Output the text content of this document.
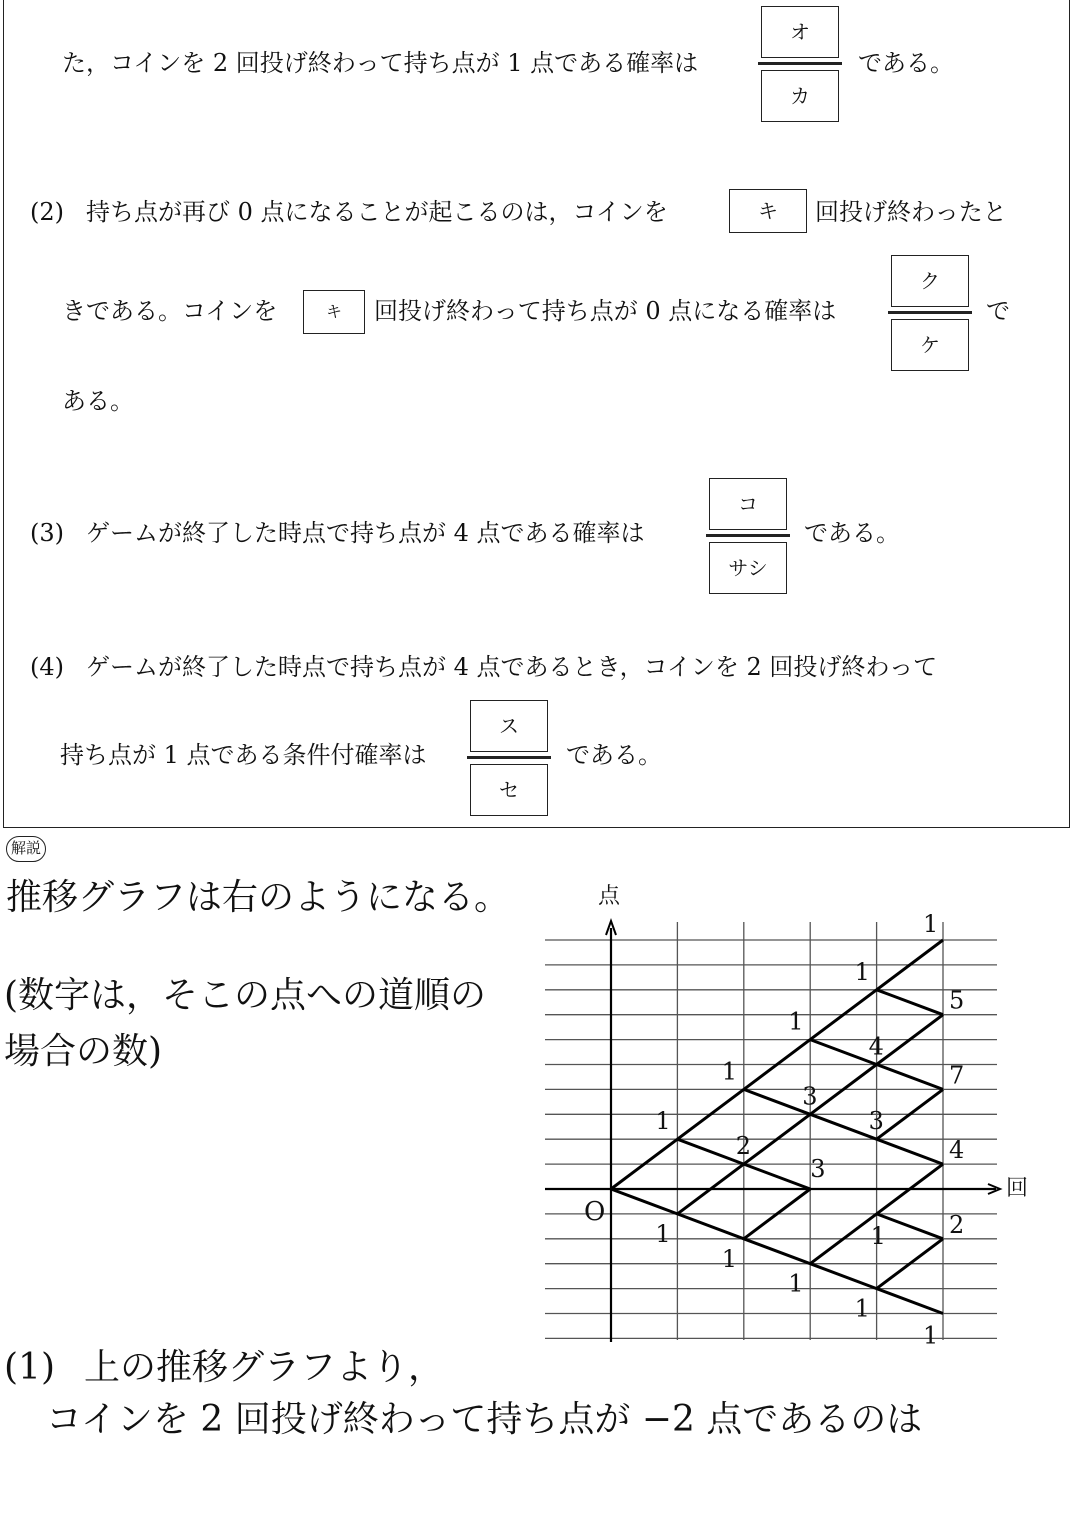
た，コインを 2 回投げ終わって持ち点が 1 点である確率は
オ
カ
である。
(2) 持ち点が再び 0 点になることが起こるのは，コインを	キ	回投げ終わったと
きである。コインを	キ	回投げ終わって持ち点が 0 点になる確率は
ク
ケ
で
ある。
(3) ゲームが終了した時点で持ち点が 4 点である確率は
コ
サシ
である。
(4) ゲームが終了した時点で持ち点が 4 点であるとき，コインを 2 回投げ終わって
持ち点が 1 点である条件付確率は
ス
セ
である。
解説
推移グラフは右のようになる。
(数字は，そこの点への道順の
場合の数)
点
回
O
1
1
1
2
1
1
3
3
1
1
4
3
1
1
1
5
7
4
2
1
(1) 上の推移グラフより，
コインを 2 回投げ終わって持ち点が −2 点であるのは
